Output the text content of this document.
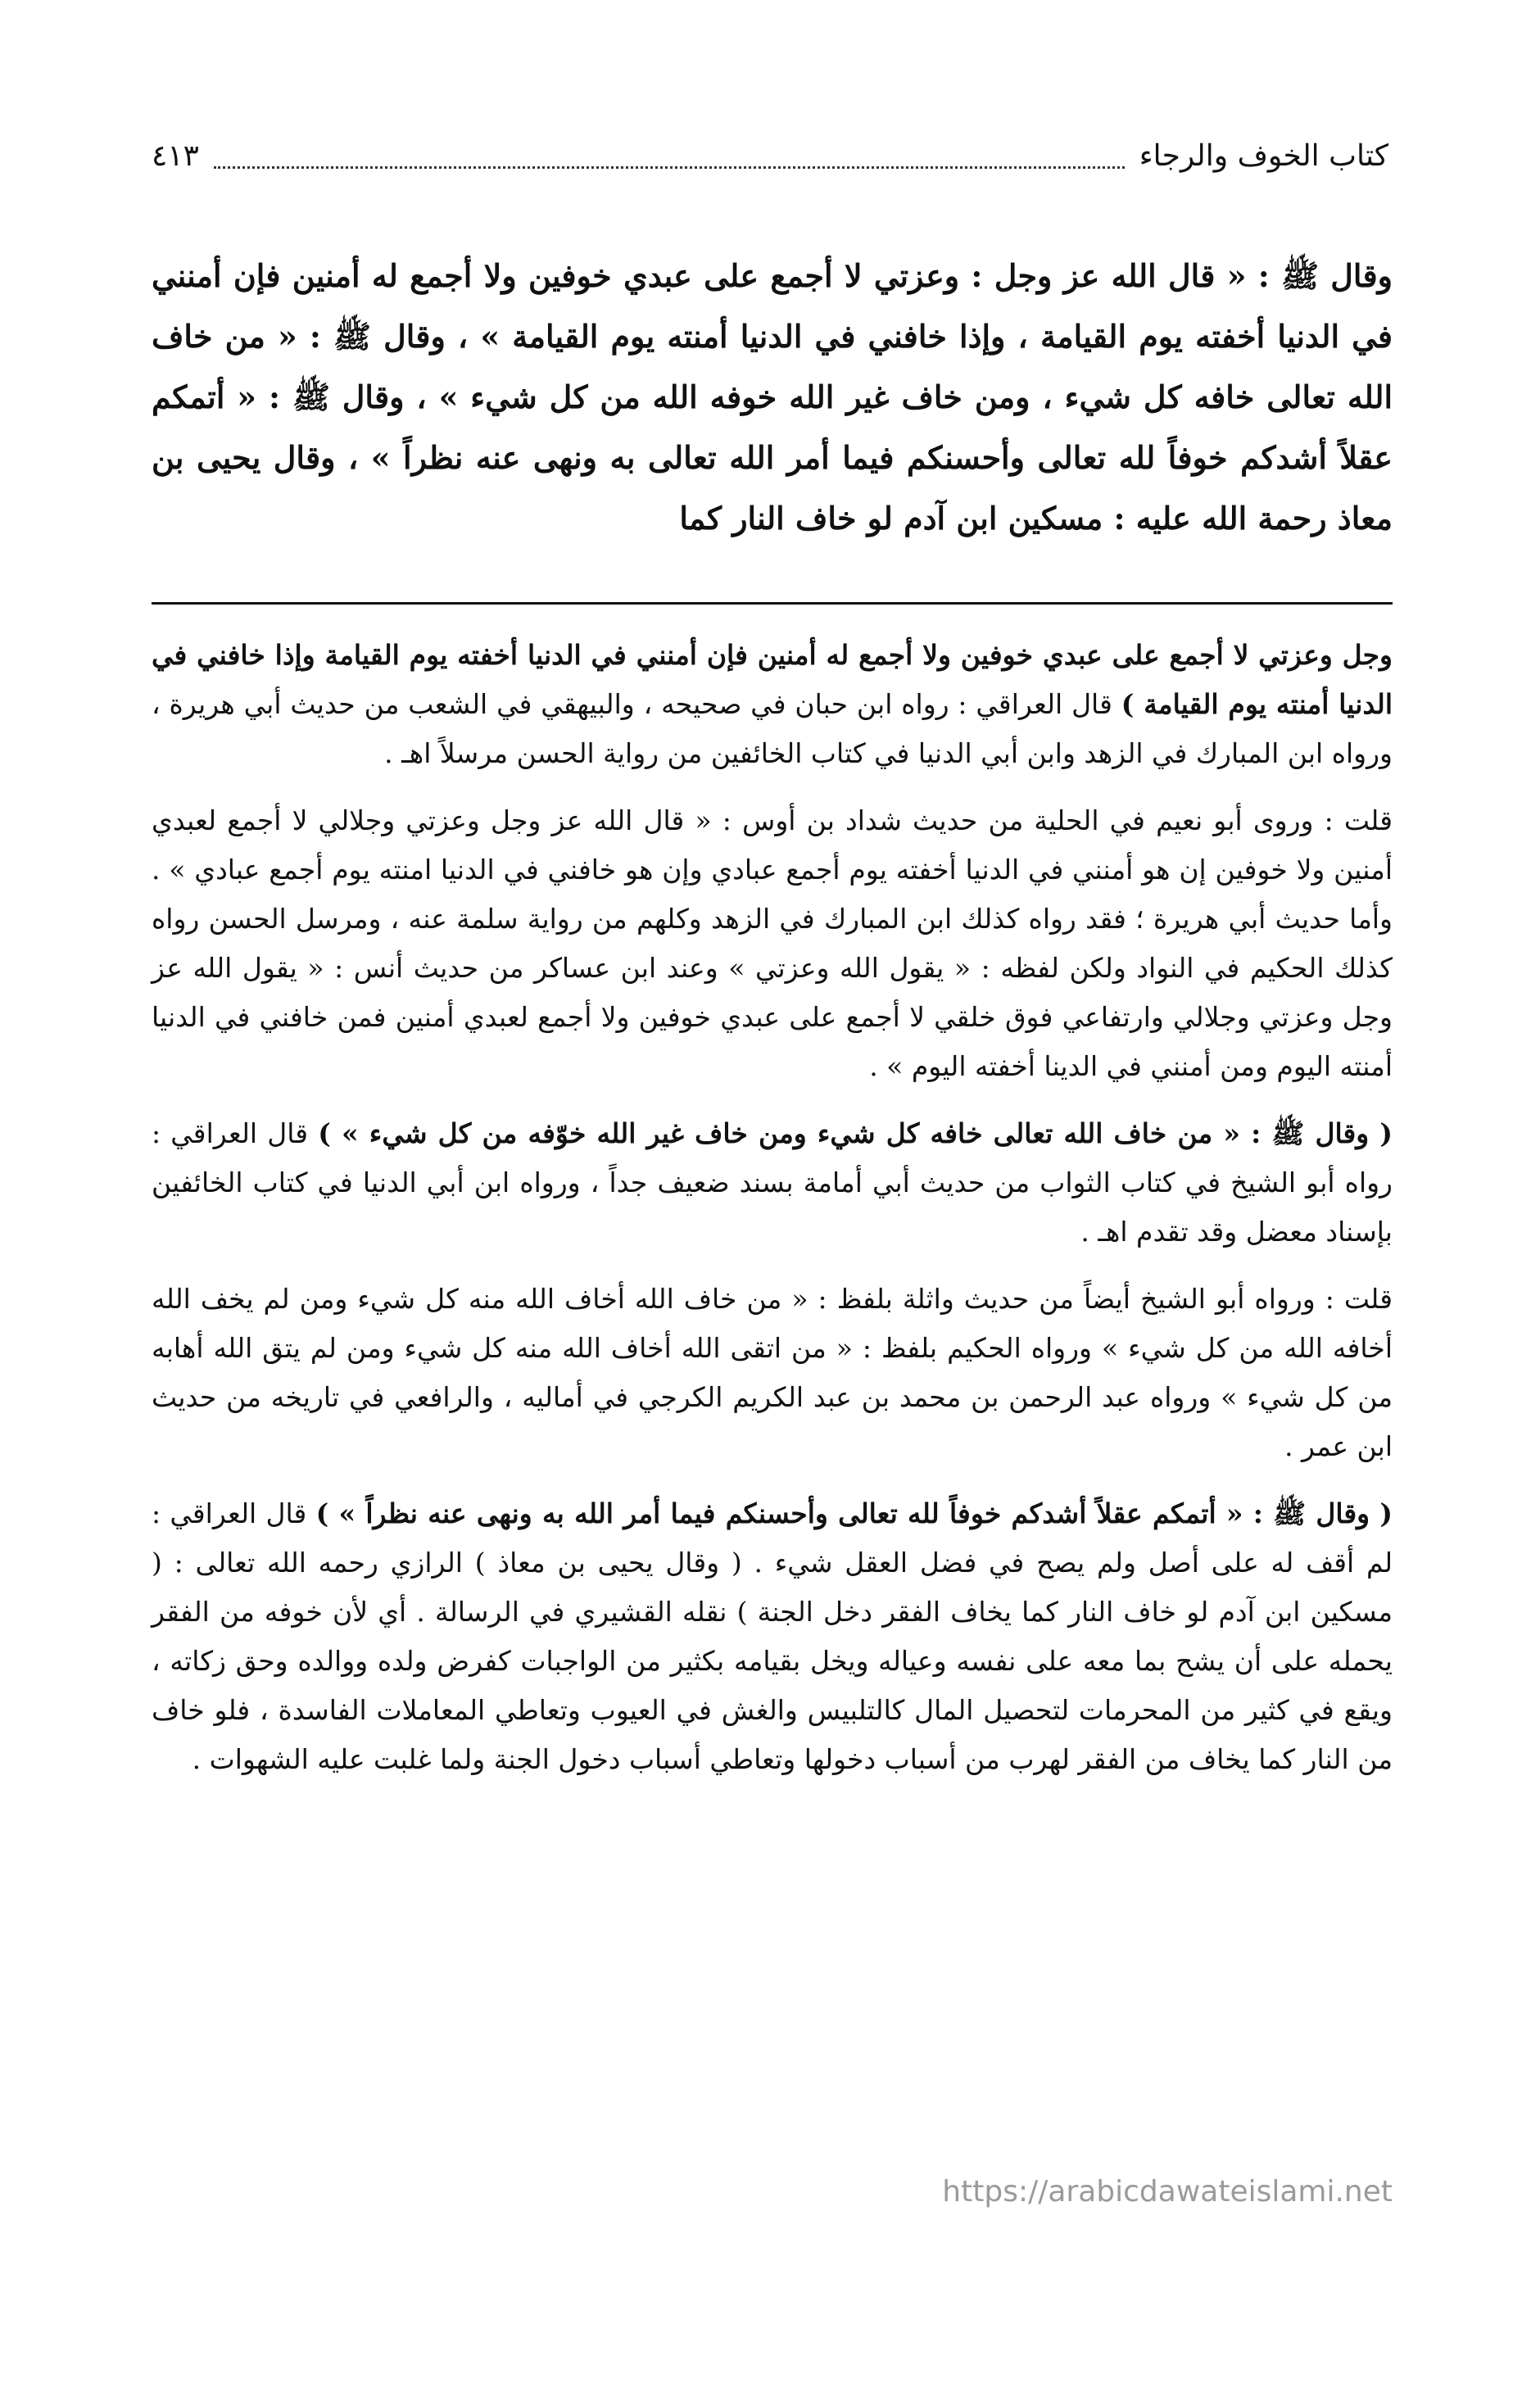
كتاب الخوف والرجاء
٤١٣
وقال ﷺ : « قال الله عز وجل : وعزتي لا أجمع على عبدي خوفين ولا أجمع له أمنين فإن أمنني في الدنيا أخفته يوم القيامة ، وإذا خافني في الدنيا أمنته يوم القيامة » ، وقال ﷺ : « من خاف الله تعالى خافه كل شيء ، ومن خاف غير الله خوفه الله من كل شيء » ، وقال ﷺ : « أتمكم عقلاً أشدكم خوفاً لله تعالى وأحسنكم فيما أمر الله تعالى به ونهى عنه نظراً » ، وقال يحيى بن معاذ رحمة الله عليه : مسكين ابن آدم لو خاف النار كما

وجل وعزتي لا أجمع على عبدي خوفين ولا أجمع له أمنين فإن أمنني في الدنيا أخفته يوم القيامة وإذا خافني في الدنيا أمنته يوم القيامة ) قال العراقي : رواه ابن حبان في صحيحه ، والبيهقي في الشعب من حديث أبي هريرة ، ورواه ابن المبارك في الزهد وابن أبي الدنيا في كتاب الخائفين من رواية الحسن مرسلاً اهـ .

قلت : وروى أبو نعيم في الحلية من حديث شداد بن أوس : « قال الله عز وجل وعزتي وجلالي لا أجمع لعبدي أمنين ولا خوفين إن هو أمنني في الدنيا أخفته يوم أجمع عبادي وإن هو خافني في الدنيا امنته يوم أجمع عبادي » . وأما حديث أبي هريرة ؛ فقد رواه كذلك ابن المبارك في الزهد وكلهم من رواية سلمة عنه ، ومرسل الحسن رواه كذلك الحكيم في النواد ولكن لفظه : « يقول الله وعزتي » وعند ابن عساكر من حديث أنس : « يقول الله عز وجل وعزتي وجلالي وارتفاعي فوق خلقي لا أجمع على عبدي خوفين ولا أجمع لعبدي أمنين فمن خافني في الدنيا أمنته اليوم ومن أمنني في الدينا أخفته اليوم » .

( وقال ﷺ : « من خاف الله تعالى خافه كل شيء ومن خاف غير الله خوّفه من كل شيء » ) قال العراقي : رواه أبو الشيخ في كتاب الثواب من حديث أبي أمامة بسند ضعيف جداً ، ورواه ابن أبي الدنيا في كتاب الخائفين بإسناد معضل وقد تقدم اهـ .

قلت : ورواه أبو الشيخ أيضاً من حديث واثلة بلفظ : « من خاف الله أخاف الله منه كل شيء ومن لم يخف الله أخافه الله من كل شيء » ورواه الحكيم بلفظ : « من اتقى الله أخاف الله منه كل شيء ومن لم يتق الله أهابه من كل شيء » ورواه عبد الرحمن بن محمد بن عبد الكريم الكرجي في أماليه ، والرافعي في تاريخه من حديث ابن عمر .

( وقال ﷺ : « أتمكم عقلاً أشدكم خوفاً لله تعالى وأحسنكم فيما أمر الله به ونهى عنه نظراً » ) قال العراقي : لم أقف له على أصل ولم يصح في فضل العقل شيء . ( وقال يحيى بن معاذ ) الرازي رحمه الله تعالى : ( مسكين ابن آدم لو خاف النار كما يخاف الفقر دخل الجنة ) نقله القشيري في الرسالة . أي لأن خوفه من الفقر يحمله على أن يشح بما معه على نفسه وعياله ويخل بقيامه بكثير من الواجبات كفرض ولده ووالده وحق زكاته ، ويقع في كثير من المحرمات لتحصيل المال كالتلبيس والغش في العيوب وتعاطي المعاملات الفاسدة ، فلو خاف من النار كما يخاف من الفقر لهرب من أسباب دخولها وتعاطي أسباب دخول الجنة ولما غلبت عليه الشهوات .

https://arabicdawateislami.net
